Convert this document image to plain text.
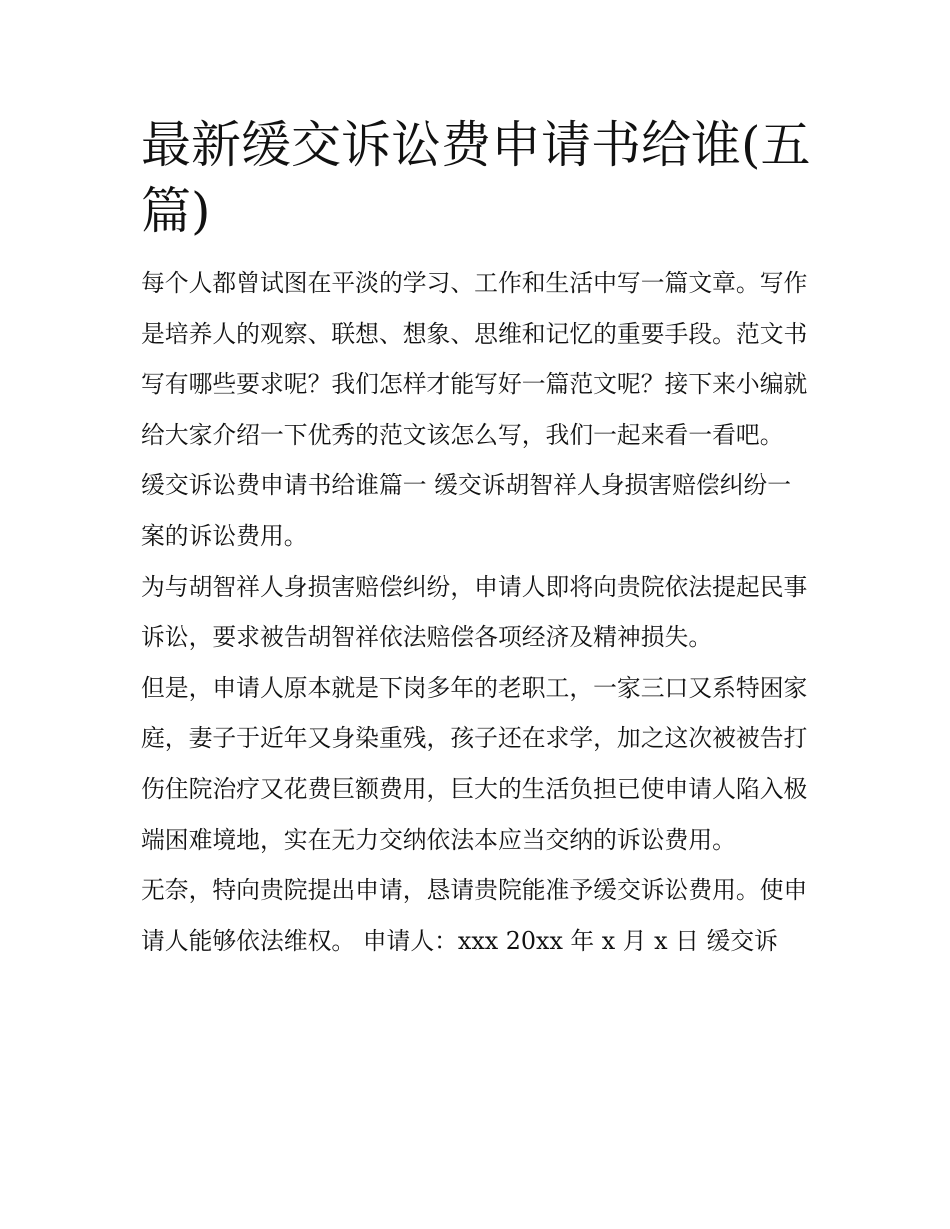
最新缓交诉讼费申请书给谁(五篇)

每个人都曾试图在平淡的学习、工作和生活中写一篇文章。写作是培养人的观察、联想、想象、思维和记忆的重要手段。范文书写有哪些要求呢？我们怎样才能写好一篇范文呢？接下来小编就给大家介绍一下优秀的范文该怎么写，我们一起来看一看吧。

缓交诉讼费申请书给谁篇一 缓交诉胡智祥人身损害赔偿纠纷一案的诉讼费用。

为与胡智祥人身损害赔偿纠纷，申请人即将向贵院依法提起民事诉讼，要求被告胡智祥依法赔偿各项经济及精神损失。

但是，申请人原本就是下岗多年的老职工，一家三口又系特困家庭，妻子于近年又身染重残，孩子还在求学，加之这次被被告打伤住院治疗又花费巨额费用，巨大的生活负担已使申请人陷入极端困难境地，实在无力交纳依法本应当交纳的诉讼费用。

无奈，特向贵院提出申请，恳请贵院能准予缓交诉讼费用。使申请人能够依法维权。 申请人：xxx 20xx 年 x 月 x 日 缓交诉
